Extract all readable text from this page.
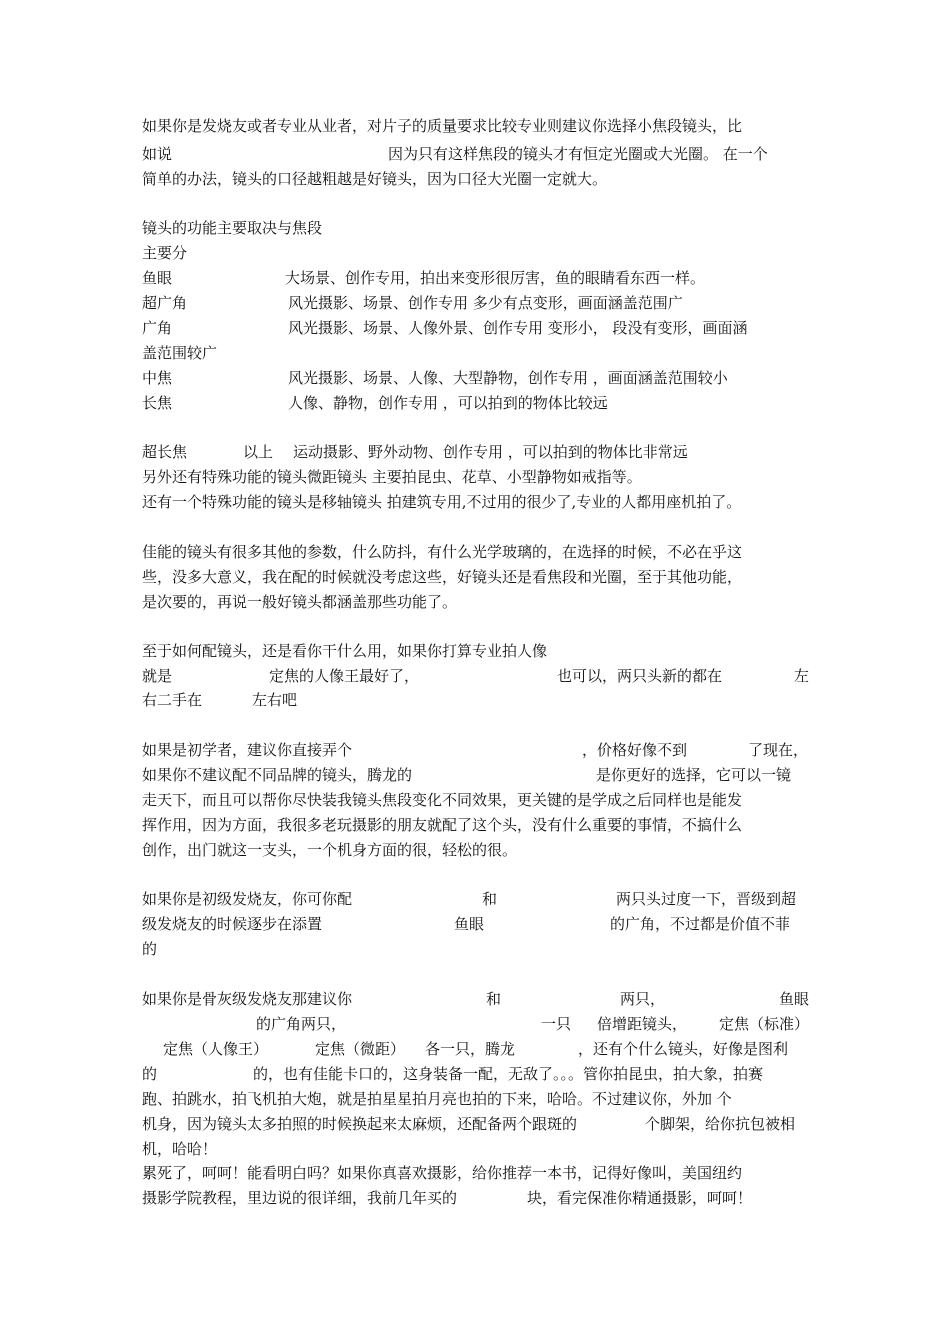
如果你是发烧友或者专业从业者，对片子的质量要求比较专业则建议你选择小焦段镜头，比
如说	因为只有这样焦段的镜头才有恒定光圈或大光圈。 在一个
简单的办法，镜头的口径越粗越是好镜头，因为口径大光圈一定就大。
镜头的功能主要取决与焦段
主要分
鱼眼	大场景、创作专用，拍出来变形很厉害，鱼的眼睛看东西一样。
超广角	风光摄影、场景、创作专用 多少有点变形，画面涵盖范围广
广角	风光摄影、场景、人像外景、创作专用 变形小， 段没有变形，画面涵
盖范围较广
中焦	风光摄影、场景、人像、大型静物，创作专用 ，画面涵盖范围较小
长焦	人像、静物，创作专用 ，可以拍到的物体比较远
超长焦	以上 运动摄影、野外动物、创作专用 ，可以拍到的物体比非常远
另外还有特殊功能的镜头微距镜头 主要拍昆虫、花草、小型静物如戒指等。
还有一个特殊功能的镜头是移轴镜头 拍建筑专用,不过用的很少了,专业的人都用座机拍了。
佳能的镜头有很多其他的参数，什么防抖，有什么光学玻璃的，在选择的时候，不必在乎这
些，没多大意义，我在配的时候就没考虑这些，好镜头还是看焦段和光圈，至于其他功能，
是次要的，再说一般好镜头都涵盖那些功能了。
至于如何配镜头，还是看你干什么用，如果你打算专业拍人像
就是	定焦的人像王最好了，	也可以，两只头新的都在	左
右二手在	左右吧
如果是初学者，建议你直接弄个	，价格好像不到	了现在，
如果你不建议配不同品牌的镜头，腾龙的	是你更好的选择，它可以一镜
走天下，而且可以帮你尽快装我镜头焦段变化不同效果，更关键的是学成之后同样也是能发
挥作用，因为方面，我很多老玩摄影的朋友就配了这个头，没有什么重要的事情，不搞什么
创作，出门就这一支头，一个机身方面的很，轻松的很。
如果你是初级发烧友，你可你配	和	两只头过度一下，晋级到超
级发烧友的时候逐步在添置	鱼眼	的广角，不过都是价值不菲
的
如果你是骨灰级发烧友那建议你	和	两只，	鱼眼
的广角两只，	一只 倍增距镜头， 定焦（标准）
定焦（人像王）	定焦（微距） 各一只，腾龙	，还有个什么镜头，好像是图利
的	的，也有佳能卡口的，这身装备一配，无敌了。。。管你拍昆虫，拍大象，拍赛
跑、拍跳水，拍飞机拍大炮，就是拍星星拍月亮也拍的下来，哈哈。不过建议你，外加 个
机身，因为镜头太多拍照的时候换起来太麻烦，还配备两个跟斑的	个脚架，给你抗包被相
机，哈哈！
累死了，呵呵！能看明白吗？如果你真喜欢摄影，给你推荐一本书，记得好像叫，美国纽约
摄影学院教程，里边说的很详细，我前几年买的	块，看完保准你精通摄影，呵呵！
